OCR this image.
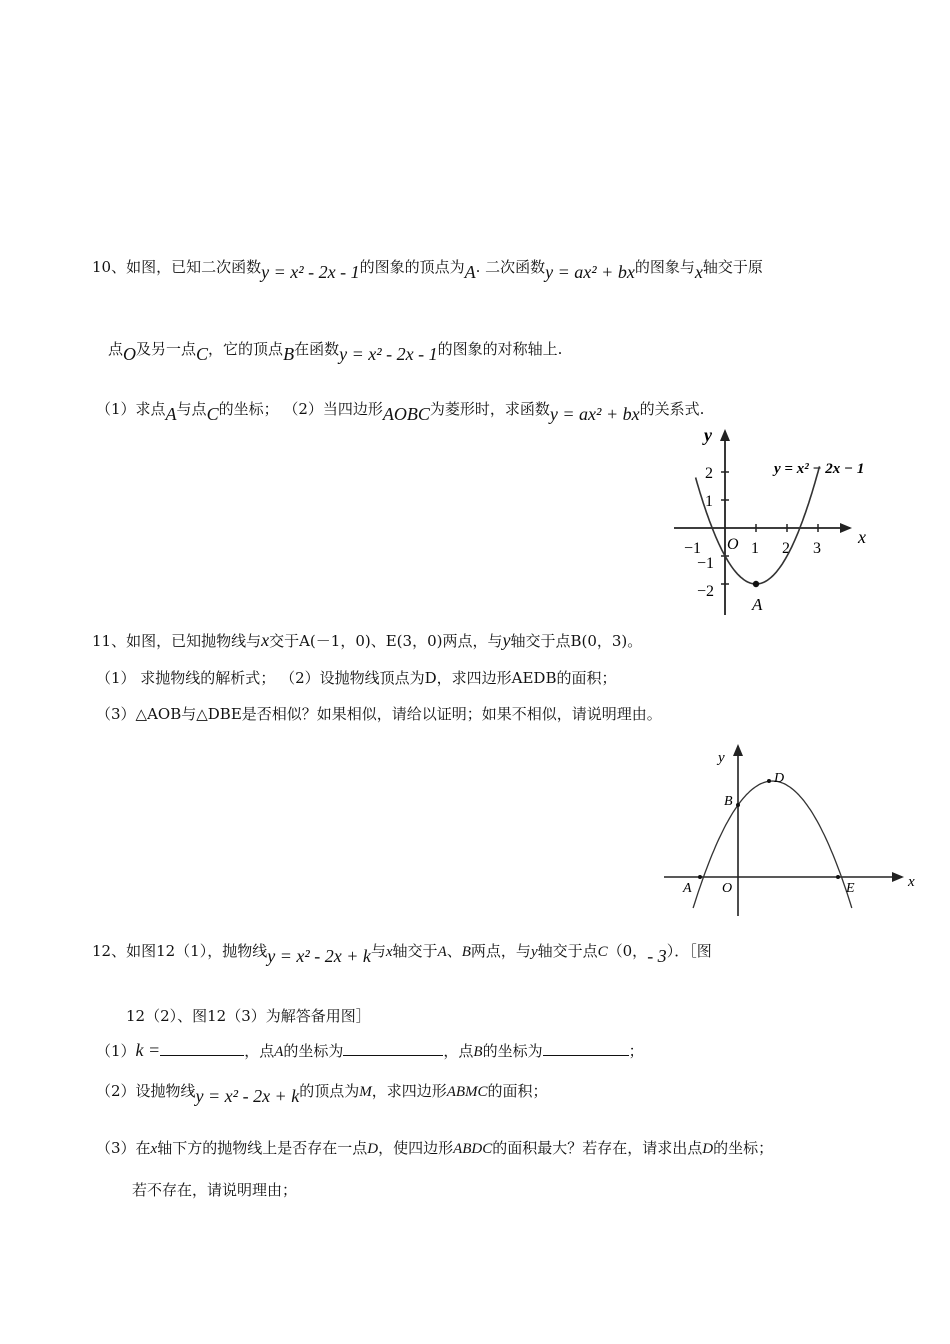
10、如图，已知二次函数y = x² - 2x - 1的图象的顶点为A. 二次函数y = ax² + bx的图象与x轴交于原
点O及另一点C，它的顶点B在函数y = x² - 2x - 1的图象的对称轴上.
（1）求点A与点C的坐标； （2）当四边形AOBC为菱形时，求函数y = ax² + bx的关系式.
y
x
y = x² − 2x − 1
O
−1	1 2 3
2
1
−1
−2
A
11、如图，已知抛物线与x交于A(－1，0)、E(3，0)两点，与y轴交于点B(0，3)。
（1） 求抛物线的解析式； （2）设抛物线顶点为D，求四边形AEDB的面积；
（3）△AOB与△DBE是否相似？如果相似，请给以证明；如果不相似，请说明理由。
y
x
O
A	E
B
D
12、如图12（1），抛物线y = x² - 2x + k与x轴交于A、B两点，与y轴交于点C（0，- 3）．［图
12（2）、图12（3）为解答备用图］
（1）k =	，点A的坐标为	，点B的坐标为	；
（2）设抛物线y = x² - 2x + k的顶点为M，求四边形ABMC的面积；
（3）在x轴下方的抛物线上是否存在一点D，使四边形ABDC的面积最大？若存在，请求出点D的坐标；
若不存在，请说明理由；
